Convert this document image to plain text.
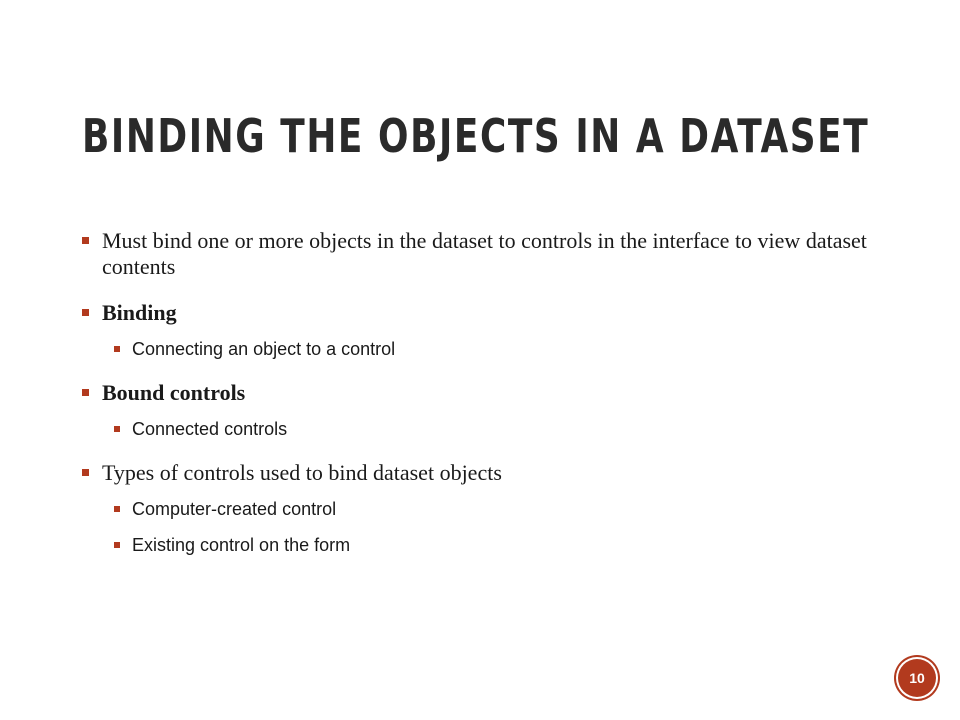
BINDING THE OBJECTS IN A DATASET
Must bind one or more objects in the dataset to controls in the interface to view dataset contents
Binding
Connecting an object to a control
Bound controls
Connected controls
Types of controls used to bind dataset objects
Computer-created control
Existing control on the form
10
